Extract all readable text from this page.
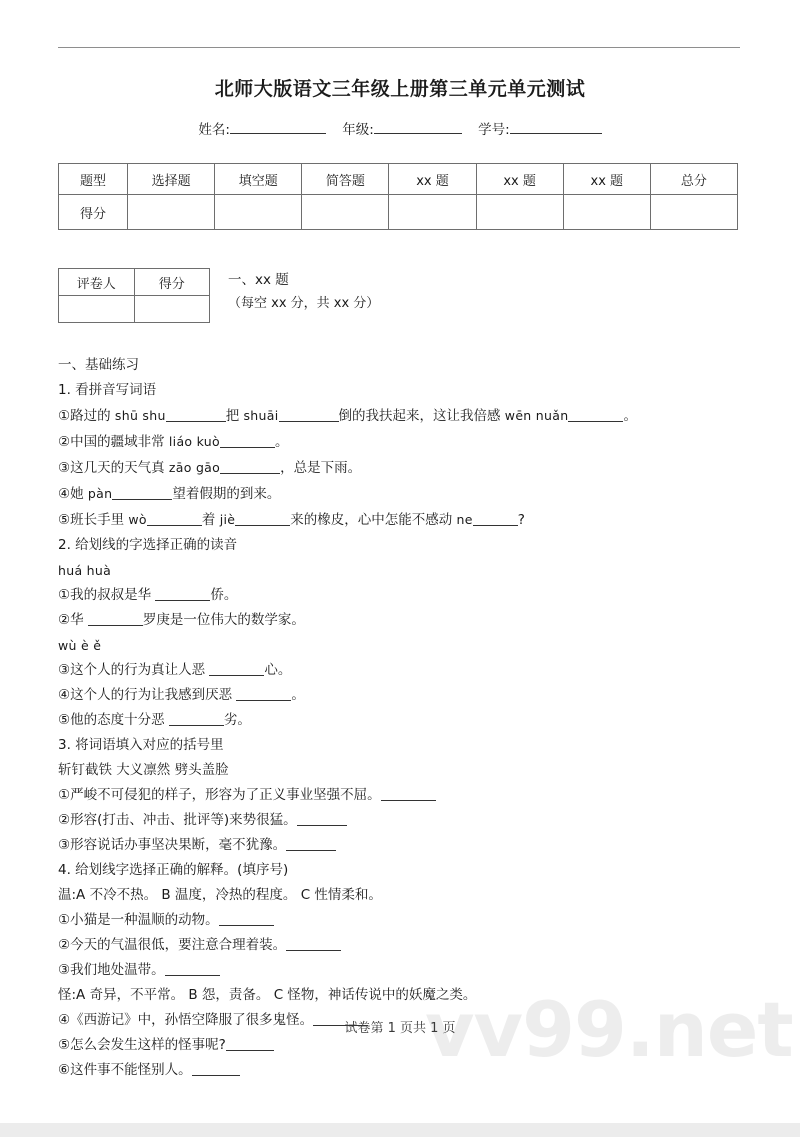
vv99.net
北师大版语文三年级上册第三单元单元测试
姓名:	年级:	学号:
题型	选择题	填空题	简答题	xx 题	xx 题	xx 题	总分
得分							
评卷人	得分
		一、xx 题
（每空 xx 分，共 xx 分）

一、基础练习

1. 看拼音写词语

①路过的 shū shu	把 shuāi	倒的我扶起来，这让我倍感 wēn nuǎn	。

②中国的疆域非常 liáo kuò	。

③这几天的天气真 zāo gāo	，总是下雨。

④她 pàn	望着假期的到来。

⑤班长手里 wò	着 jiè	来的橡皮，心中怎能不感动 ne	?

2. 给划线的字选择正确的读音

huá huà

①我的叔叔是华	侨。

②华	罗庚是一位伟大的数学家。

wù è ě

③这个人的行为真让人恶	心。

④这个人的行为让我感到厌恶	。

⑤他的态度十分恶	劣。

3. 将词语填入对应的括号里

斩钉截铁 大义凛然 劈头盖脸

①严峻不可侵犯的样子，形容为了正义事业坚强不屈。

②形容(打击、冲击、批评等)来势很猛。

③形容说话办事坚决果断，毫不犹豫。

4. 给划线字选择正确的解释。(填序号)

温:A 不冷不热。 B 温度，冷热的程度。 C 性情柔和。

①小猫是一种温顺的动物。

②今天的气温很低，要注意合理着装。

③我们地处温带。

怪:A 奇异，不平常。 B 怨，责备。 C 怪物，神话传说中的妖魔之类。

④《西游记》中，孙悟空降服了很多鬼怪。

⑤怎么会发生这样的怪事呢?

⑥这件事不能怪别人。

试卷第 1 页共 1 页
